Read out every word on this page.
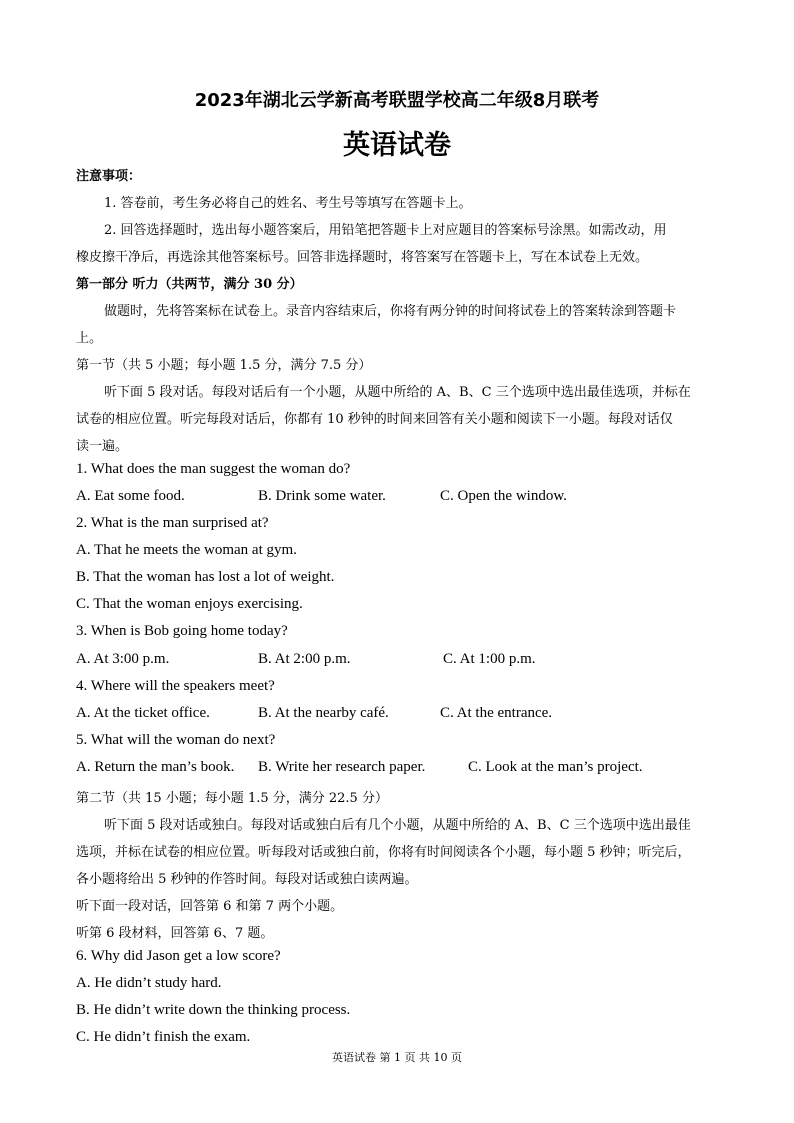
2023年湖北云学新高考联盟学校高二年级8月联考
英语试卷
注意事项：
1. 答卷前，考生务必将自己的姓名、考生号等填写在答题卡上。
2. 回答选择题时，选出每小题答案后，用铅笔把答题卡上对应题目的答案标号涂黑。如需改动，用
橡皮擦干净后，再选涂其他答案标号。回答非选择题时，将答案写在答题卡上，写在本试卷上无效。
第一部分 听力（共两节，满分 30 分）
做题时，先将答案标在试卷上。录音内容结束后，你将有两分钟的时间将试卷上的答案转涂到答题卡
上。
第一节（共 5 小题；每小题 1.5 分，满分 7.5 分）
听下面 5 段对话。每段对话后有一个小题，从题中所给的 A、B、C 三个选项中选出最佳选项，并标在
试卷的相应位置。听完每段对话后，你都有 10 秒钟的时间来回答有关小题和阅读下一小题。每段对话仅
读一遍。
1. What does the man suggest the woman do?
A. Eat some food.	B. Drink some water.	C. Open the window.
2. What is the man surprised at?
A. That he meets the woman at gym.
B. That the woman has lost a lot of weight.
C. That the woman enjoys exercising.
3. When is Bob going home today?
A. At 3:00 p.m.	B. At 2:00 p.m.	C. At 1:00 p.m.
4. Where will the speakers meet?
A. At the ticket office.	B. At the nearby café.	C. At the entrance.
5. What will the woman do next?
A. Return the man’s book. B. Write her research paper.	C. Look at the man’s project.
第二节（共 15 小题；每小题 1.5 分，满分 22.5 分）
听下面 5 段对话或独白。每段对话或独白后有几个小题，从题中所给的 A、B、C 三个选项中选出最佳
选项，并标在试卷的相应位置。听每段对话或独白前，你将有时间阅读各个小题，每小题 5 秒钟；听完后，
各小题将给出 5 秒钟的作答时间。每段对话或独白读两遍。
听下面一段对话，回答第 6 和第 7 两个小题。
听第 6 段材料，回答第 6、7 题。
6. Why did Jason get a low score?
A. He didn’t study hard.
B. He didn’t write down the thinking process.
C. He didn’t finish the exam.
英语试卷 第 1 页 共 10 页
